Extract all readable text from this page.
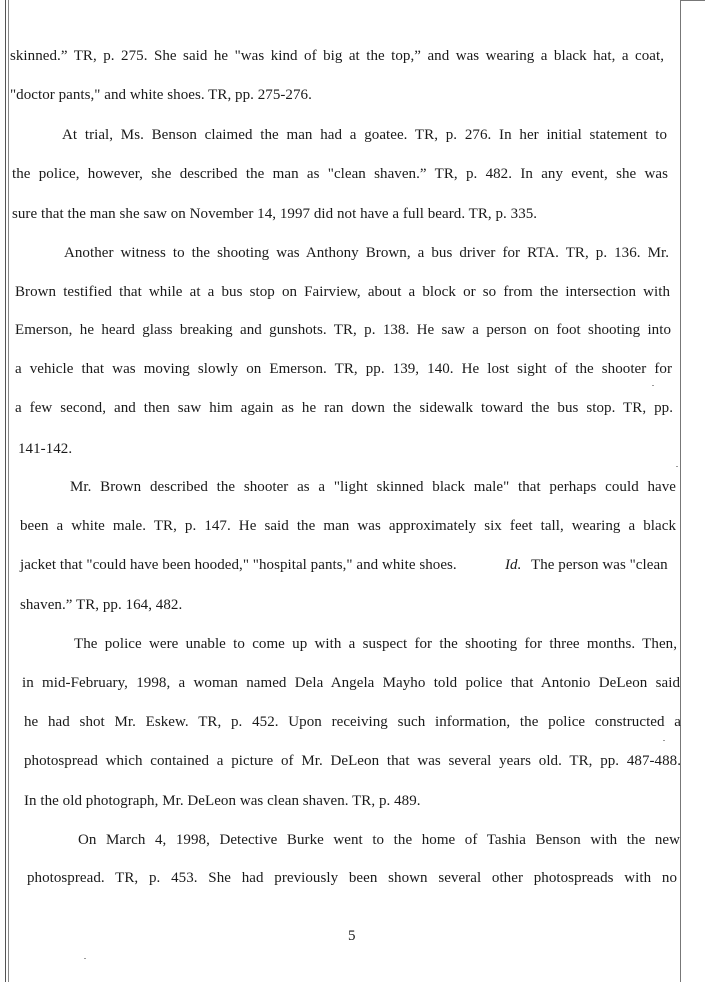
skinned.” TR, p. 275. She said he "was kind of big at the top,” and was wearing a black hat, a coat,
"doctor pants," and white shoes. TR, pp. 275-276.
At trial, Ms. Benson claimed the man had a goatee. TR, p. 276. In her initial statement to
the police, however, she described the man as "clean shaven.” TR, p. 482. In any event, she was
sure that the man she saw on November 14, 1997 did not have a full beard. TR, p. 335.
Another witness to the shooting was Anthony Brown, a bus driver for RTA. TR, p. 136. Mr.
Brown testified that while at a bus stop on Fairview, about a block or so from the intersection with
Emerson, he heard glass breaking and gunshots. TR, p. 138. He saw a person on foot shooting into
a vehicle that was moving slowly on Emerson. TR, pp. 139, 140. He lost sight of the shooter for
a few second, and then saw him again as he ran down the sidewalk toward the bus stop. TR, pp.
141-142.
Mr. Brown described the shooter as a "light skinned black male" that perhaps could have
been a white male. TR, p. 147. He said the man was approximately six feet tall, wearing a black
jacket that "could have been hooded," "hospital pants," and white shoes.	Id. The person was "clean
shaven.” TR, pp. 164, 482.
The police were unable to come up with a suspect for the shooting for three months. Then,
in mid-February, 1998, a woman named Dela Angela Mayho told police that Antonio DeLeon said
he had shot Mr. Eskew. TR, p. 452. Upon receiving such information, the police constructed a
photospread which contained a picture of Mr. DeLeon that was several years old. TR, pp. 487-488.
In the old photograph, Mr. DeLeon was clean shaven. TR, p. 489.
On March 4, 1998, Detective Burke went to the home of Tashia Benson with the new
photospread. TR, p. 453. She had previously been shown several other photospreads with no
5
